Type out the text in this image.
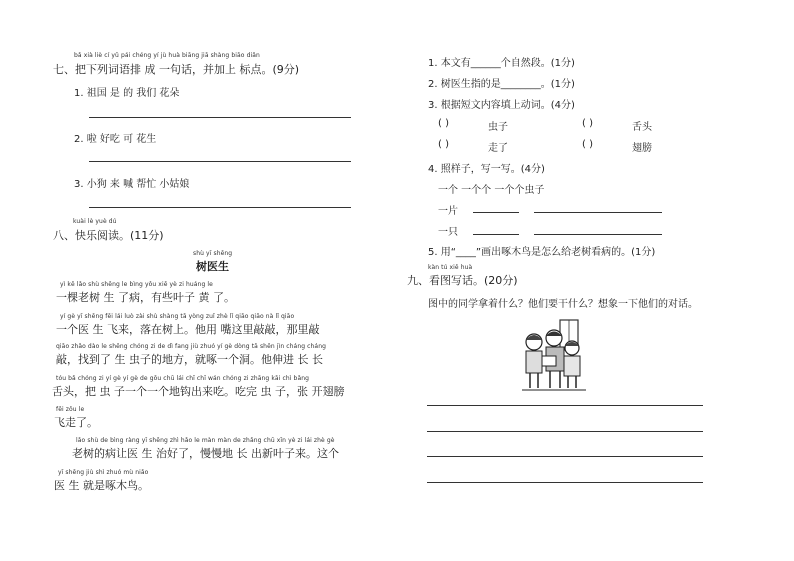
bǎ xià liè cí yǔ pái chéng yí jù huà biāng jiā shàng biāo diǎn
七、把下列词语排 成 一句话，并加上 标点。(9分)
1. 祖国 是 的 我们 花朵
2. 啦 好吃 可 花生
3. 小狗 来 喊 帮忙 小姑娘
kuài lè yuè dú
八、快乐阅读。(11分)
shù yī shēng
树医生
yì kē lǎo shù shēng le bìng yǒu xiē yè zi huáng le
一棵老树 生 了病，有些叶子 黄 了。
yí gè yī shēng fēi lái luò zài shù shàng tā yòng zuǐ zhè lǐ qiāo qiāo nà lǐ qiāo
一个医 生 飞来，落在树上。他用 嘴这里敲敲，那里敲
qiāo zhǎo dào le shēng chóng zi de dì fang jiù zhuó yí gè dòng tā shēn jìn cháng cháng
敲，找到了 生 虫子的地方，就啄一个洞。他伸进 长 长
tóu bǎ chóng zi yí gè yí gè de gōu chū lái chī chī wán chóng zi zhāng kāi chì bǎng
舌头，把 虫 子一个一个地钩出来吃。吃完 虫 子，张 开翅膀
fēi zǒu le
飞走了。
lǎo shù de bìng ràng yī shēng zhì hǎo le màn màn de zhǎng chū xīn yè zi lái zhè gè
老树的病让医 生 治好了，慢慢地 长 出新叶子来。这个
yī shēng jiù shì zhuó mù niǎo
医 生 就是啄木鸟。
1. 本文有______个自然段。(1分)
2. 树医生指的是________。(1分)
3. 根据短文内容填上动词。(4分)
( )	虫子	( )	舌头
( )	走了	( )	翅膀
4. 照样子，写一写。(4分)
一个 一个个 一个个虫子
一片
一只
5. 用“____”画出啄木鸟是怎么给老树看病的。(1分)
kàn tú xiě huà
九、看图写话。(20分)
图中的同学拿着什么？他们要干什么？想象一下他们的对话。
